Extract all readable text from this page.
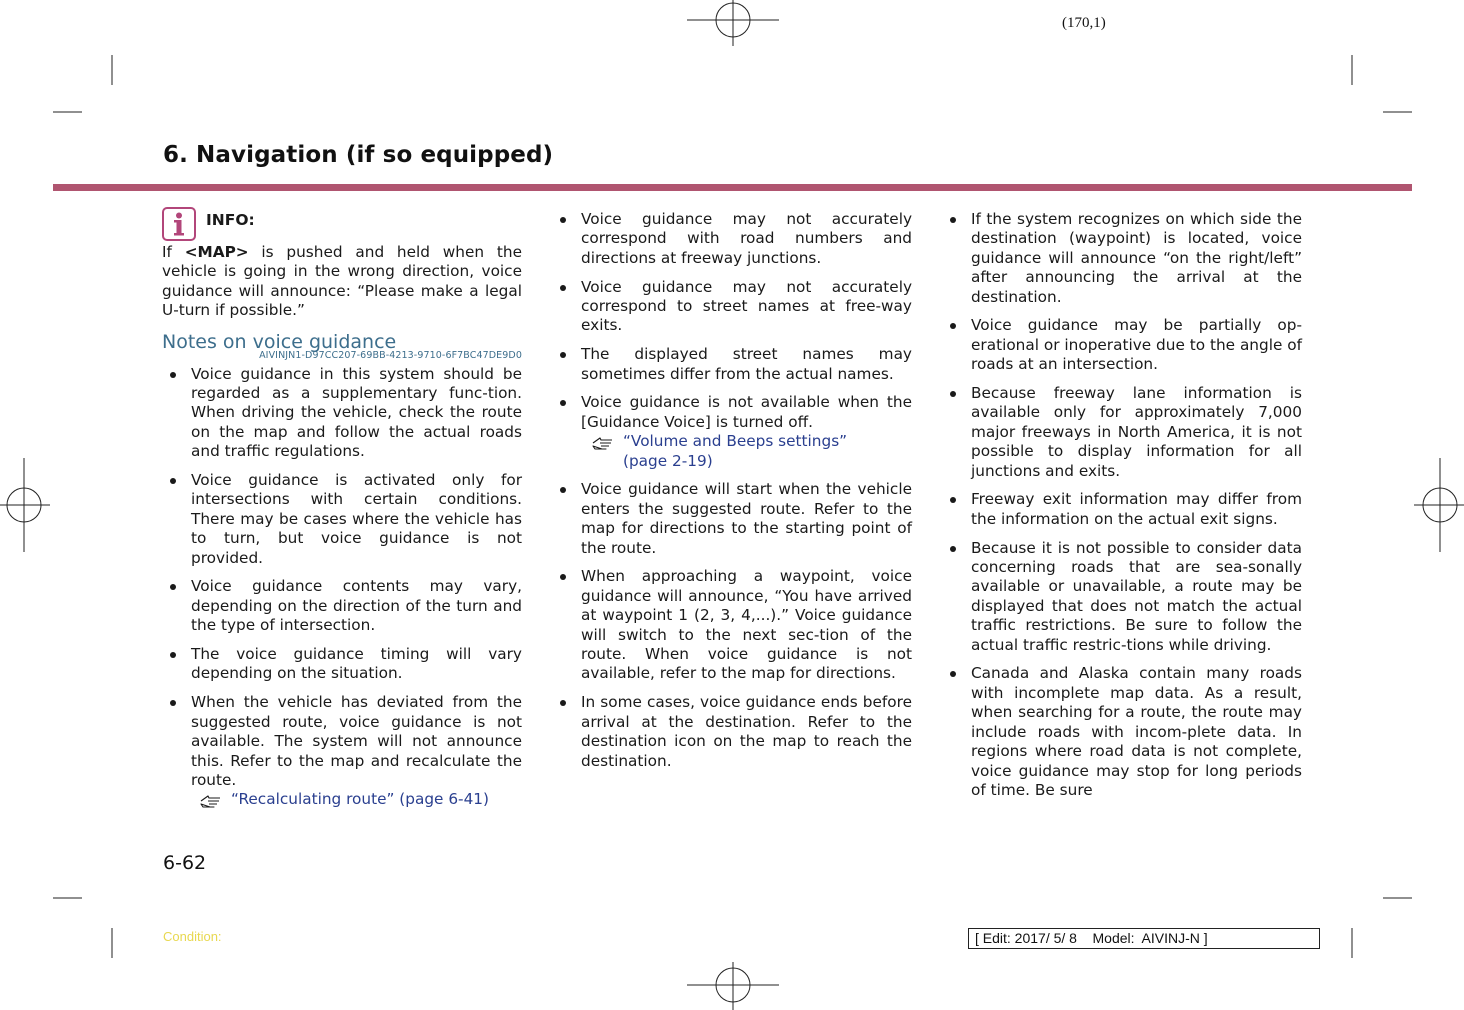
(170,1)
6. Navigation (if so equipped)
INFO:

If <MAP> is pushed and held when the vehicle is going in the wrong direction, voice guidance will announce: “Please make a legal U-turn if possible.”

Notes on voice guidance
AIVINJN1-D97CC207-69BB-4213-9710-6F7BC47DE9D0

Voice guidance in this system should be regarded as a supplementary func-tion. When driving the vehicle, check the route on the map and follow the actual roads and traffic regulations.

Voice guidance is activated only for intersections with certain conditions. There may be cases where the vehicle has to turn, but voice guidance is not provided.

Voice guidance contents may vary, depending on the direction of the turn and the type of intersection.

The voice guidance timing will vary depending on the situation.

When the vehicle has deviated from the suggested route, voice guidance is not available. The system will not announce this. Refer to the map and recalculate the route.

“Recalculating route” (page 6-41)

Voice guidance may not accurately correspond with road numbers and directions at freeway junctions.

Voice guidance may not accurately correspond to street names at free-way exits.

The displayed street names may sometimes differ from the actual names.

Voice guidance is not available when the [Guidance Voice] is turned off.

“Volume and Beeps settings”
(page 2-19)

Voice guidance will start when the vehicle enters the suggested route. Refer to the map for directions to the starting point of the route.

When approaching a waypoint, voice guidance will announce, “You have arrived at waypoint 1 (2, 3, 4,...).” Voice guidance will switch to the next sec-tion of the route. When voice guidance is not available, refer to the map for directions.

In some cases, voice guidance ends before arrival at the destination. Refer to the destination icon on the map to reach the destination.

If the system recognizes on which side the destination (waypoint) is located, voice guidance will announce “on the right/left” after announcing the arrival at the destination.

Voice guidance may be partially op-erational or inoperative due to the angle of roads at an intersection.

Because freeway lane information is available only for approximately 7,000 major freeways in North America, it is not possible to display information for all junctions and exits.

Freeway exit information may differ from the information on the actual exit signs.

Because it is not possible to consider data concerning roads that are sea-sonally available or unavailable, a route may be displayed that does not match the actual traffic restrictions. Be sure to follow the actual traffic restric-tions while driving.

Canada and Alaska contain many roads with incomplete map data. As a result, when searching for a route, the route may include roads with incom-plete data. In regions where road data is not complete, voice guidance may stop for long periods of time. Be sure

6-62
Condition:	[ Edit: 2017/ 5/ 8    Model:  AIVINJ-N ]
